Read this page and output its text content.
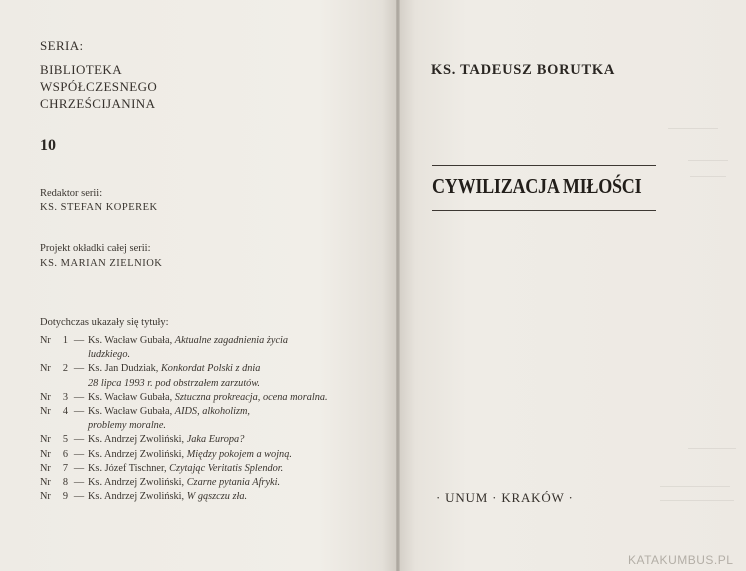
SERIA:
BIBLIOTEKA
WSPÓŁCZESNEGO
CHRZEŚCIJANINA
10
Redaktor serii:
KS. STEFAN KOPEREK
Projekt okładki całej serii:
KS. MARIAN ZIELNIOK
Dotychczas ukazały się tytuły:
Nr	1 — Ks. Wacław Gubała, Aktualne zagadnienia życia
ludzkiego.
Nr	2 — Ks. Jan Dudziak, Konkordat Polski z dnia
28 lipca 1993 r. pod obstrzałem zarzutów.
Nr	3 — Ks. Wacław Gubała, Sztuczna prokreacja, ocena moralna.
Nr	4 — Ks. Wacław Gubała, AIDS, alkoholizm,
problemy moralne.
Nr	5 — Ks. Andrzej Zwoliński, Jaka Europa?
Nr	6 — Ks. Andrzej Zwoliński, Między pokojem a wojną.
Nr	7 — Ks. Józef Tischner, Czytając Veritatis Splendor.
Nr	8 — Ks. Andrzej Zwoliński, Czarne pytania Afryki.
Nr	9 — Ks. Andrzej Zwoliński, W gąszczu zła.
KS. TADEUSZ BORUTKA
CYWILIZACJA MIŁOŚCI
· UNUM · KRAKÓW ·
KATAKUMBUS.PL
